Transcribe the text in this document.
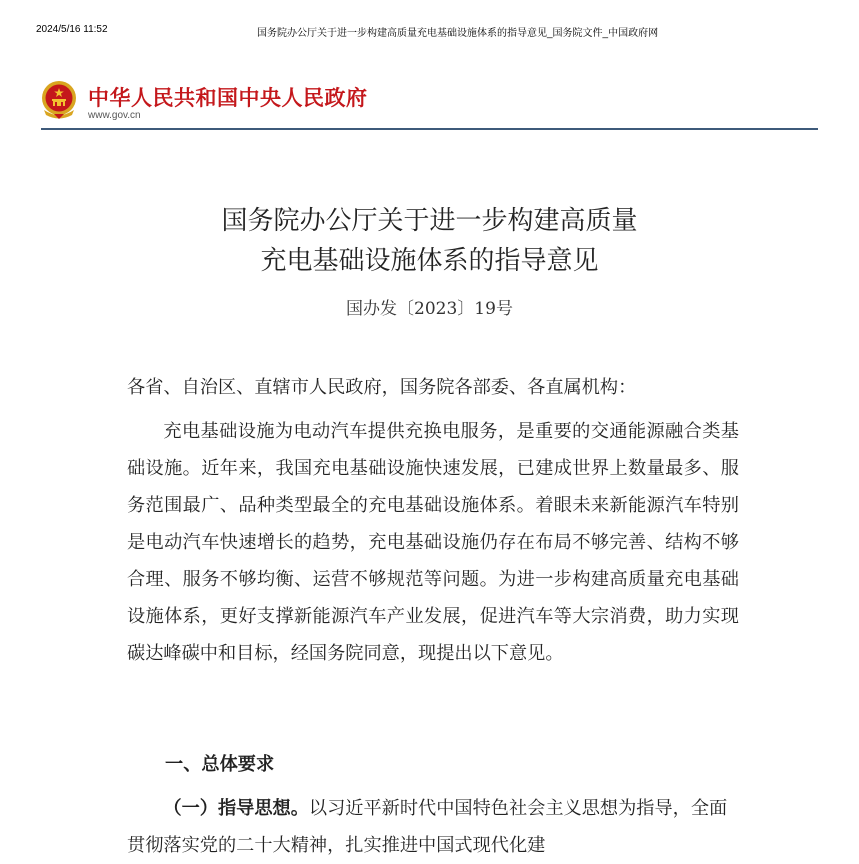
2024/5/16 11:52	国务院办公厅关于进一步构建高质量充电基础设施体系的指导意见_国务院文件_中国政府网
中华人民共和国中央人民政府
www.gov.cn
国务院办公厅关于进一步构建高质量
充电基础设施体系的指导意见
国办发〔2023〕19号
各省、自治区、直辖市人民政府，国务院各部委、各直属机构：
充电基础设施为电动汽车提供充换电服务，是重要的交通能源融合类基础设施。近年来，我国充电基础设施快速发展，已建成世界上数量最多、服务范围最广、品种类型最全的充电基础设施体系。着眼未来新能源汽车特别是电动汽车快速增长的趋势，充电基础设施仍存在布局不够完善、结构不够合理、服务不够均衡、运营不够规范等问题。为进一步构建高质量充电基础设施体系，更好支撑新能源汽车产业发展，促进汽车等大宗消费，助力实现碳达峰碳中和目标，经国务院同意，现提出以下意见。
一、总体要求
（一）指导思想。以习近平新时代中国特色社会主义思想为指导，全面贯彻落实党的二十大精神，扎实推进中国式现代化建
